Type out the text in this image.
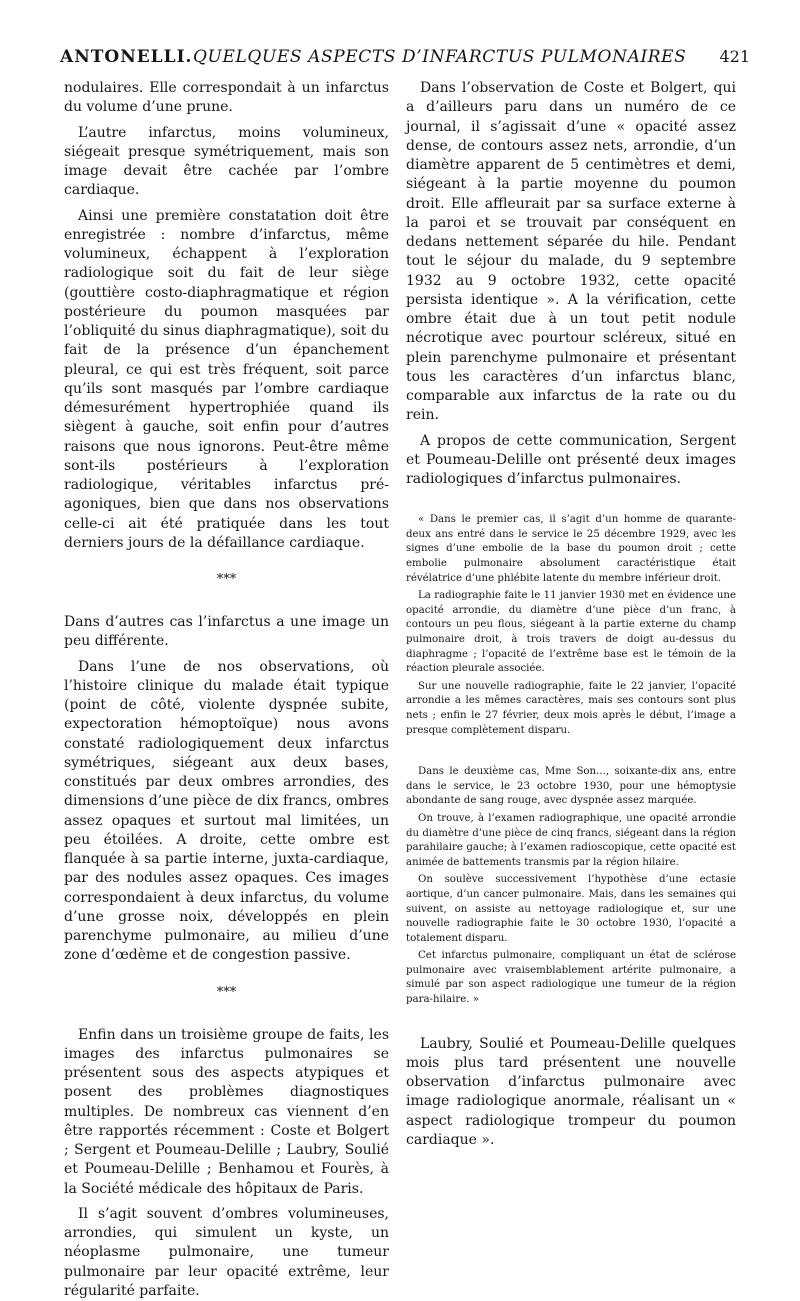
ANTONELLI. QUELQUES ASPECTS D’INFARCTUS PULMONAIRES 421

nodulaires. Elle correspondait à un infarctus du volume d’une prune.

L’autre infarctus, moins volumineux, siégeait presque symétriquement, mais son image devait être cachée par l’ombre cardiaque.

Ainsi une première constatation doit être enregistrée : nombre d’infarctus, même volumineux, échappent à l’exploration radiologique soit du fait de leur siège (gouttière costo-diaphragmatique et région postérieure du poumon masquées par l’obliquité du sinus diaphragmatique), soit du fait de la présence d’un épanchement pleural, ce qui est très fréquent, soit parce qu’ils sont masqués par l’ombre cardiaque démesurément hypertrophiée quand ils siègent à gauche, soit enfin pour d’autres raisons que nous ignorons. Peut-être même sont-ils postérieurs à l’exploration radiologique, véritables infarctus pré-agoniques, bien que dans nos observations celle-ci ait été pratiquée dans les tout derniers jours de la défaillance cardiaque.

***

Dans d’autres cas l’infarctus a une image un peu différente.

Dans l’une de nos observations, où l’histoire clinique du malade était typique (point de côté, violente dyspnée subite, expectoration hémoptoïque) nous avons constaté radiologiquement deux infarctus symétriques, siégeant aux deux bases, constitués par deux ombres arrondies, des dimensions d’une pièce de dix francs, ombres assez opaques et surtout mal limitées, un peu étoilées. A droite, cette ombre est flanquée à sa partie interne, juxta-cardiaque, par des nodules assez opaques. Ces images correspondaient à deux infarctus, du volume d’une grosse noix, développés en plein parenchyme pulmonaire, au milieu d’une zone d’œdème et de congestion passive.

***

Enfin dans un troisième groupe de faits, les images des infarctus pulmonaires se présentent sous des aspects atypiques et posent des problèmes diagnostiques multiples. De nombreux cas viennent d’en être rapportés récemment : Coste et Bolgert ; Sergent et Poumeau-Delille ; Laubry, Soulié et Poumeau-Delille ; Benhamou et Fourès, à la Société médicale des hôpitaux de Paris.

Il s’agit souvent d’ombres volumineuses, arrondies, qui simulent un kyste, un néoplasme pulmonaire, une tumeur pulmonaire par leur opacité extrême, leur régularité parfaite.

Dans l’observation de Coste et Bolgert, qui a d’ailleurs paru dans un numéro de ce journal, il s’agissait d’une « opacité assez dense, de contours assez nets, arrondie, d’un diamètre apparent de 5 centimètres et demi, siégeant à la partie moyenne du poumon droit. Elle affleurait par sa surface externe à la paroi et se trouvait par conséquent en dedans nettement séparée du hile. Pendant tout le séjour du malade, du 9 septembre 1932 au 9 octobre 1932, cette opacité persista identique ». A la vérification, cette ombre était due à un tout petit nodule nécrotique avec pourtour scléreux, situé en plein parenchyme pulmonaire et présentant tous les caractères d’un infarctus blanc, comparable aux infarctus de la rate ou du rein.

A propos de cette communication, Sergent et Poumeau-Delille ont présenté deux images radiologiques d’infarctus pulmonaires.

« Dans le premier cas, il s’agit d’un homme de quarante-deux ans entré dans le service le 25 décembre 1929, avec les signes d’une embolie de la base du poumon droit ; cette embolie pulmonaire absolument caractéristique était révélatrice d’une phlébite latente du membre inférieur droit.

La radiographie faite le 11 janvier 1930 met en évidence une opacité arrondie, du diamètre d’une pièce d’un franc, à contours un peu flous, siégeant à la partie externe du champ pulmonaire droit, à trois travers de doigt au-dessus du diaphragme ; l’opacité de l’extrême base est le témoin de la réaction pleurale associée.

Sur une nouvelle radiographie, faite le 22 janvier, l’opacité arrondie a les mêmes caractères, mais ses contours sont plus nets ; enfin le 27 février, deux mois après le début, l’image a presque complètement disparu.

Dans le deuxième cas, Mme Son..., soixante-dix ans, entre dans le service, le 23 octobre 1930, pour une hémoptysie abondante de sang rouge, avec dyspnée assez marquée.

On trouve, à l’examen radiographique, une opacité arrondie du diamètre d’une pièce de cinq francs, siégeant dans la région parahilaire gauche; à l’examen radioscopique, cette opacité est animée de battements transmis par la région hilaire.

On soulève successivement l’hypothèse d’une ectasie aortique, d’un cancer pulmonaire. Mais, dans les semaines qui suivent, on assiste au nettoyage radiologique et, sur une nouvelle radiographie faite le 30 octobre 1930, l’opacité a totalement disparu.

Cet infarctus pulmonaire, compliquant un état de sclérose pulmonaire avec vraisemblablement artérite pulmonaire, a simulé par son aspect radiologique une tumeur de la région para-hilaire. »

Laubry, Soulié et Poumeau-Delille quelques mois plus tard présentent une nouvelle observation d’infarctus pulmonaire avec image radiologique anormale, réalisant un « aspect radiologique trompeur du poumon cardiaque ».
